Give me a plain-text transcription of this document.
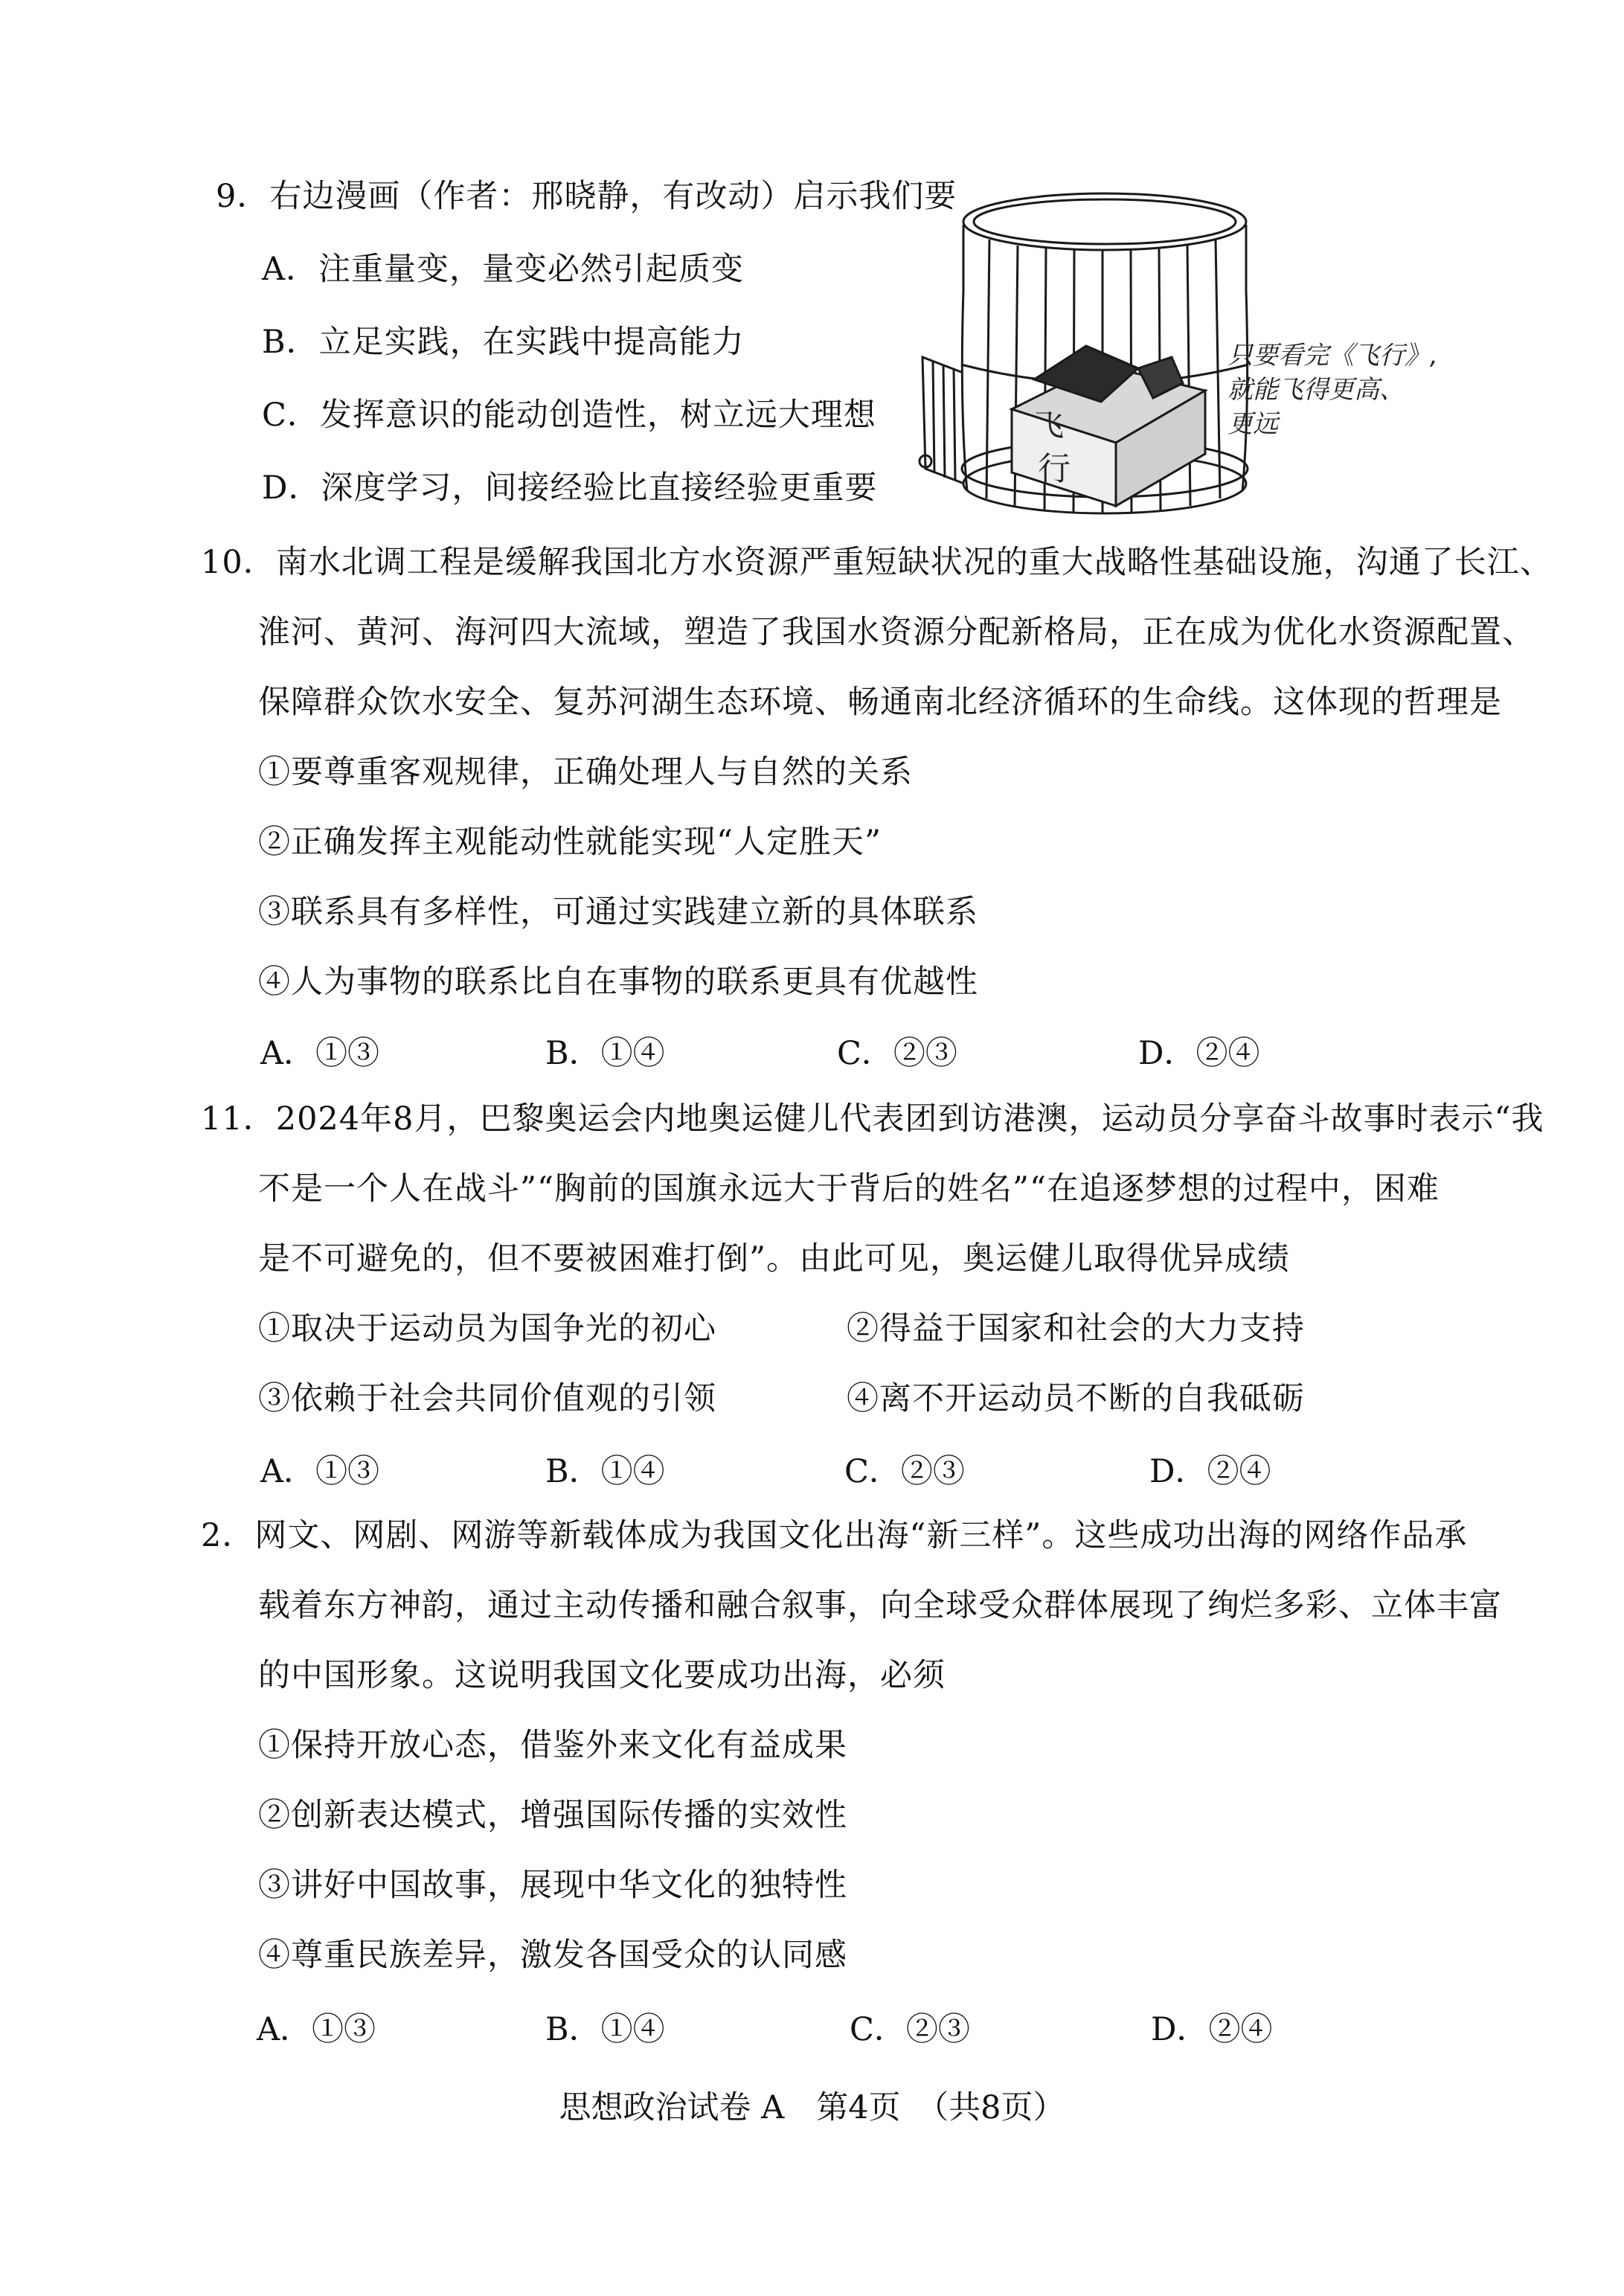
9．右边漫画（作者：邢晓静，有改动）启示我们要
A．注重量变，量变必然引起质变
B．立足实践，在实践中提高能力
C．发挥意识的能动创造性，树立远大理想
D．深度学习，间接经验比直接经验更重要
飞
行
只要看完《飞行》,
就能飞得更高、
更远
10．南水北调工程是缓解我国北方水资源严重短缺状况的重大战略性基础设施，沟通了长江、
淮河、黄河、海河四大流域，塑造了我国水资源分配新格局，正在成为优化水资源配置、
保障群众饮水安全、复苏河湖生态环境、畅通南北经济循环的生命线。这体现的哲理是
①要尊重客观规律，正确处理人与自然的关系
②正确发挥主观能动性就能实现“人定胜天”
③联系具有多样性，可通过实践建立新的具体联系
④人为事物的联系比自在事物的联系更具有优越性
A．①③	B．①④	C．②③	D．②④
11．2024年8月，巴黎奥运会内地奥运健儿代表团到访港澳，运动员分享奋斗故事时表示“我
不是一个人在战斗”“胸前的国旗永远大于背后的姓名”“在追逐梦想的过程中，困难
是不可避免的，但不要被困难打倒”。由此可见，奥运健儿取得优异成绩
①取决于运动员为国争光的初心	②得益于国家和社会的大力支持
③依赖于社会共同价值观的引领	④离不开运动员不断的自我砥砺
A．①③	B．①④	C．②③	D．②④
2．网文、网剧、网游等新载体成为我国文化出海“新三样”。这些成功出海的网络作品承
载着东方神韵，通过主动传播和融合叙事，向全球受众群体展现了绚烂多彩、立体丰富
的中国形象。这说明我国文化要成功出海，必须
①保持开放心态，借鉴外来文化有益成果
②创新表达模式，增强国际传播的实效性
③讲好中国故事，展现中华文化的独特性
④尊重民族差异，激发各国受众的认同感
A．①③	B．①④	C．②③	D．②④
思想政治试卷 A　第4页　（共8页）
